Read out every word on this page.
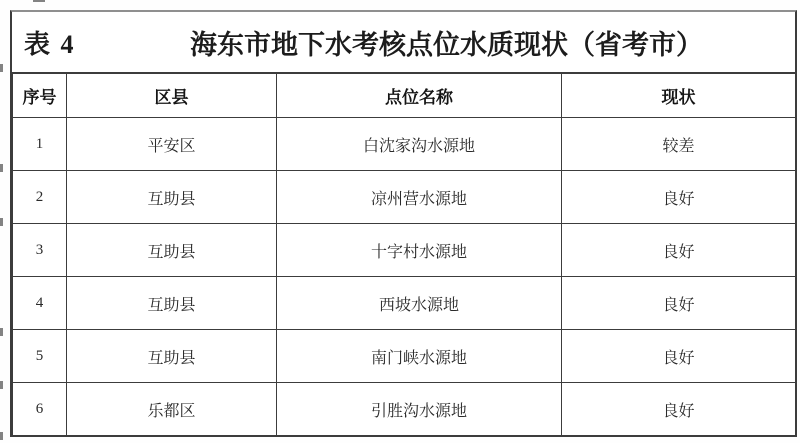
表 4	海东市地下水考核点位水质现状（省考市）
序号	区县	点位名称	现状
1	平安区	白沈家沟水源地	较差
2	互助县	凉州营水源地	良好
3	互助县	十字村水源地	良好
4	互助县	西坡水源地	良好
5	互助县	南门峡水源地	良好
6	乐都区	引胜沟水源地	良好
